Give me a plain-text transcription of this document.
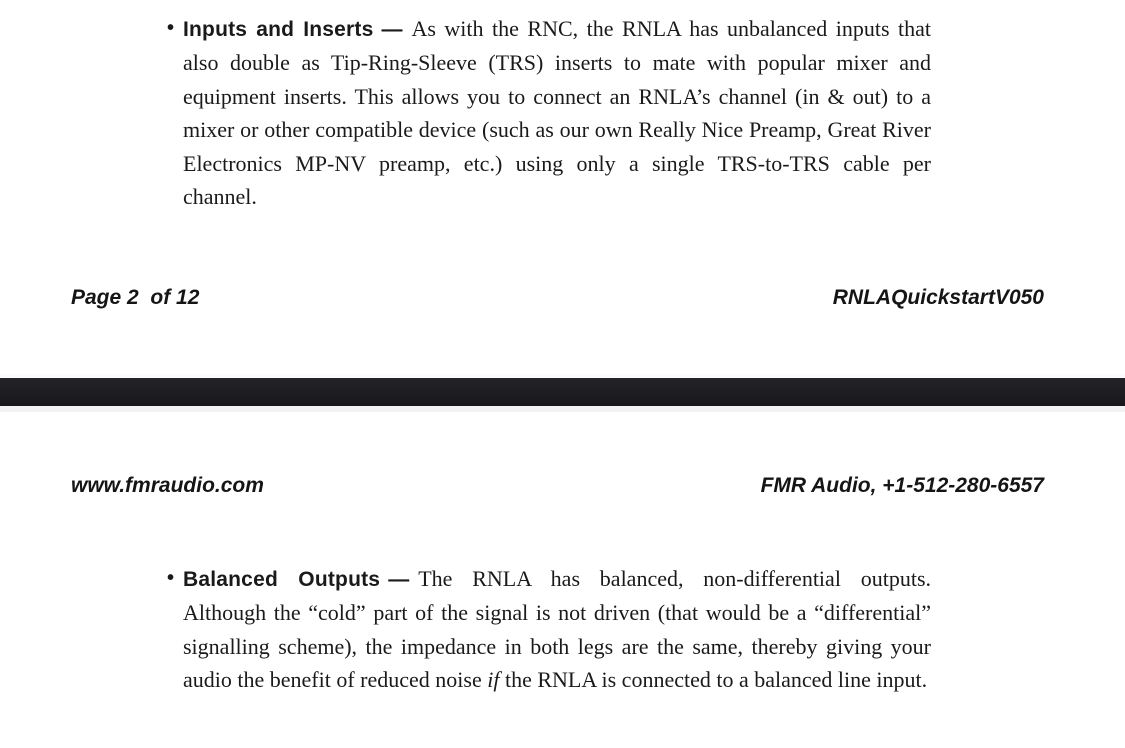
• Inputs and Inserts — As with the RNC, the RNLA has unbalanced inputs that also double as Tip-Ring-Sleeve (TRS) inserts to mate with popular mixer and equipment inserts. This allows you to connect an RNLA’s channel (in & out) to a mixer or other compatible device (such as our own Really Nice Preamp, Great River Electronics MP-NV preamp, etc.) using only a single TRS-to-TRS cable per channel.

Page 2  of 12	RNLAQuickstartV050
www.fmraudio.com	FMR Audio, +1-512-280-6557
• Balanced Outputs — The RNLA has balanced, non-differential outputs. Although the “cold” part of the signal is not driven (that would be a “differential” signalling scheme), the impedance in both legs are the same, thereby giving your audio the benefit of reduced noise if the RNLA is connected to a balanced line input.
